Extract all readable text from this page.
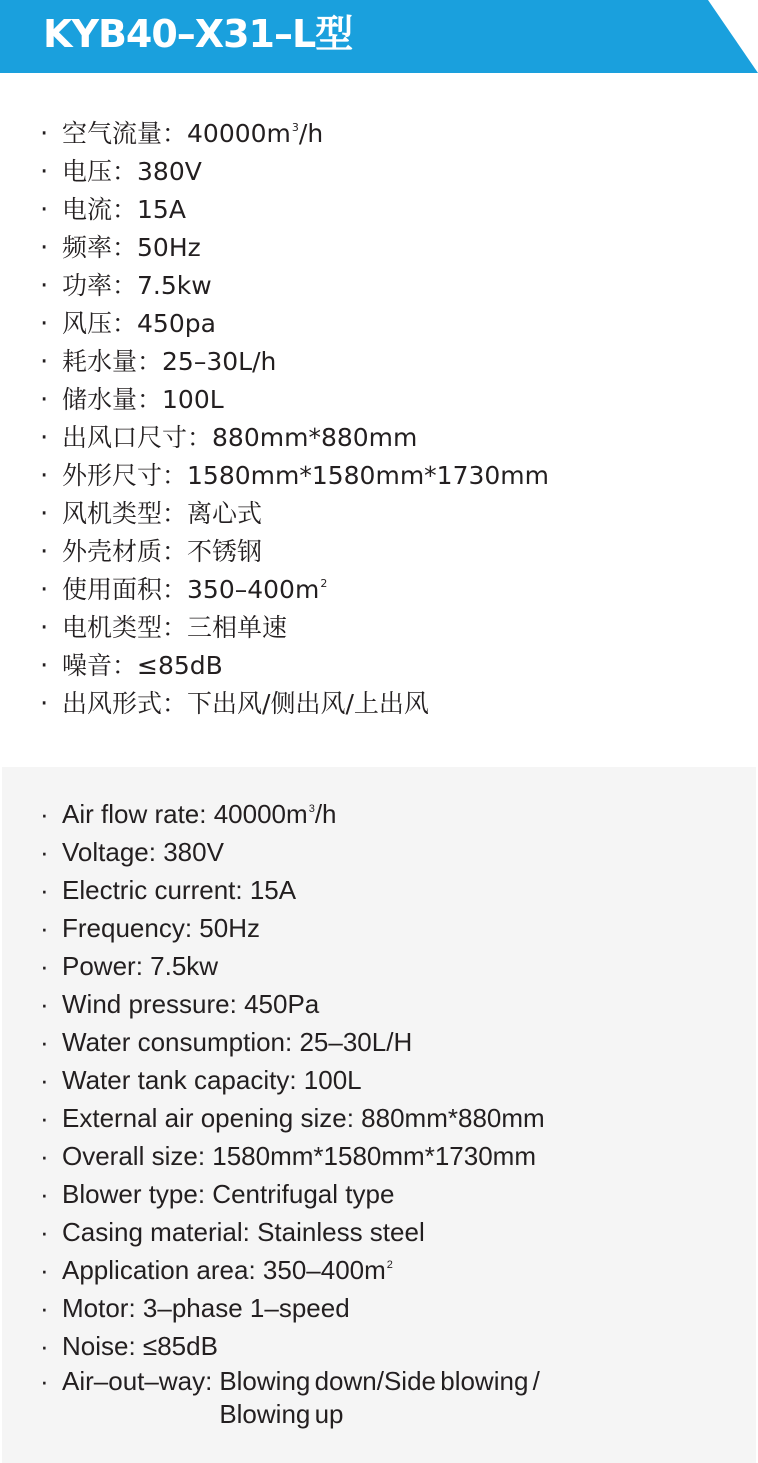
KYB40–X31–L型
· 空气流量：$40000m^3/h$
· 电压：380V
· 电流：15A
· 频率：50Hz
· 功率：7.5kw
· 风压：450pa
· 耗水量：25–30L/h
· 储水量：100L
· 出风口尺寸：880mm*880mm
· 外形尺寸：1580mm*1580mm*1730mm
· 风机类型：离心式
· 外壳材质：不锈钢
· 使用面积：$350-400m^2$
· 电机类型：三相单速
· 噪音：≤85dB
· 出风形式：下出风/侧出风/上出风
· Air flow rate: $40000m^3/h$
· Voltage: 380V
· Electric current: 15A
· Frequency: 50Hz
· Power: 7.5kw
· Wind pressure: 450Pa
· Water consumption: 25–30L/H
· Water tank capacity: 100L
· External air opening size: 880mm*880mm
· Overall size: 1580mm*1580mm*1730mm
· Blower type: Centrifugal type
· Casing material: Stainless steel
· Application area: $350-400m^2$
· Motor: 3–phase 1–speed
· Noise: ≤85dB
· Air–out–way: Blowing down/Side blowing / Blowing up
